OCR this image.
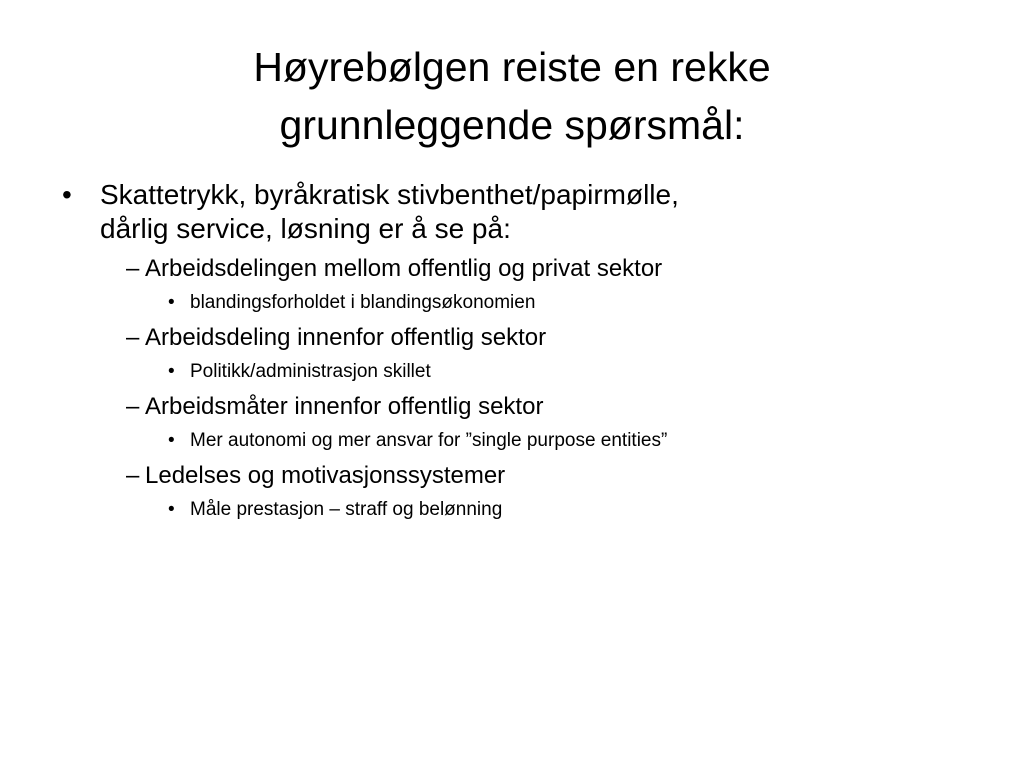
Høyrebølgen reiste en rekke
grunnleggende spørsmål:
• Skattetrykk, byråkratisk stivbenthet/papirmølle,
dårlig service, løsning er å se på:
– Arbeidsdelingen mellom offentlig og privat sektor
• blandingsforholdet i blandingsøkonomien
– Arbeidsdeling innenfor offentlig sektor
• Politikk/administrasjon skillet
– Arbeidsmåter innenfor offentlig sektor
• Mer autonomi og mer ansvar for ”single purpose entities”
– Ledelses og motivasjonssystemer
• Måle prestasjon – straff og belønning
